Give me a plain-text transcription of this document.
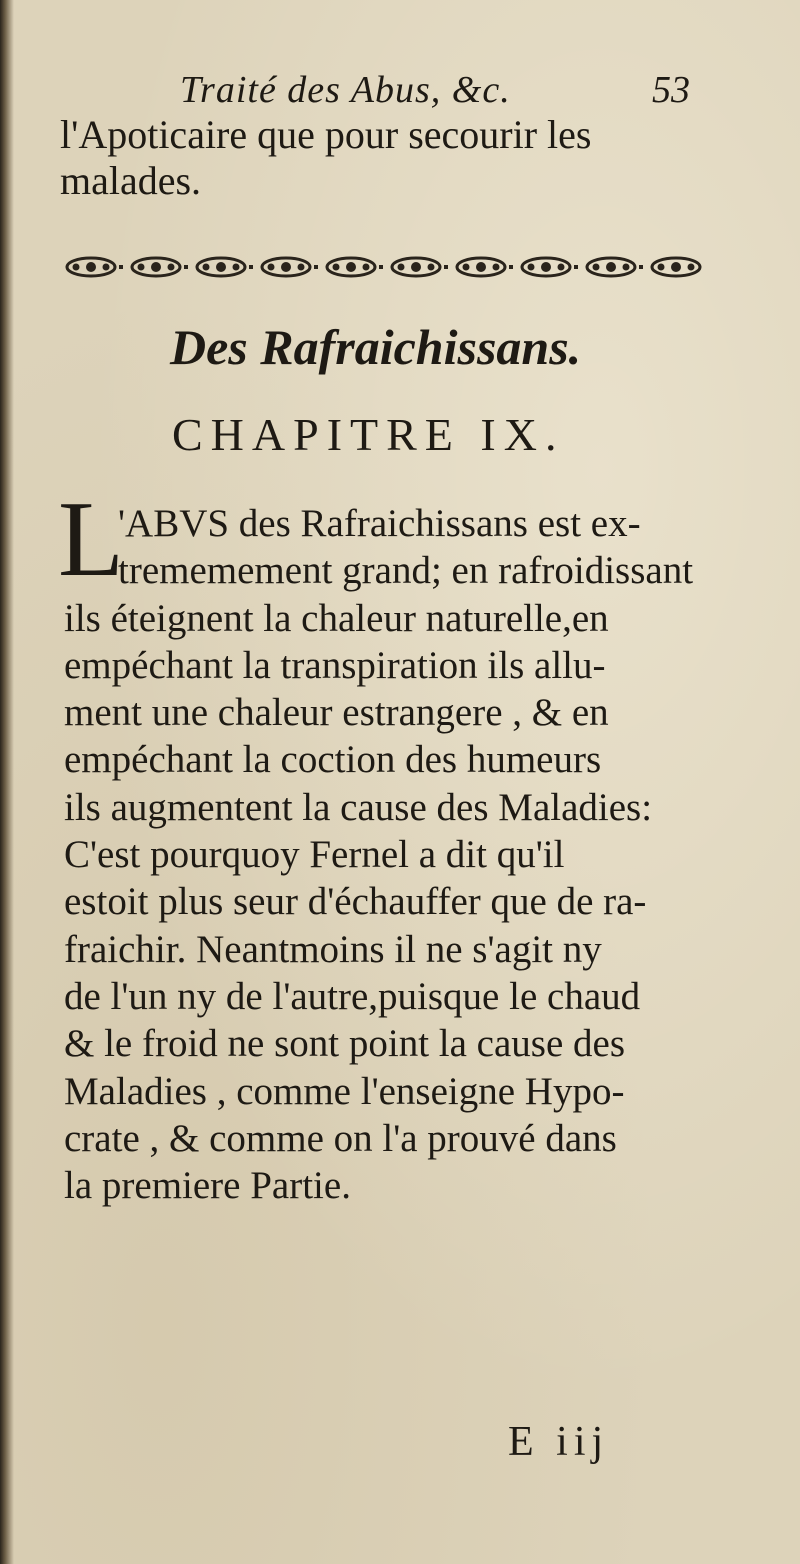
Traité des Abus, &c.	53
l'Apoticaire que pour secourir les
malades.
Des Rafraichissans.
CHAPITRE IX.
L
'ABVS des Rafraichissans est ex-
trememement grand; en rafroidissant
ils éteignent la chaleur naturelle,en
empéchant la transpiration ils allu-
ment une chaleur estrangere , & en
empéchant la coction des humeurs
ils augmentent la cause des Maladies:
C'est pourquoy Fernel a dit qu'il
estoit plus seur d'échauffer que de ra-
fraichir. Neantmoins il ne s'agit ny
de l'un ny de l'autre,puisque le chaud
& le froid ne sont point la cause des
Maladies , comme l'enseigne Hypo-
crate , & comme on l'a prouvé dans
la premiere Partie.
E iij
